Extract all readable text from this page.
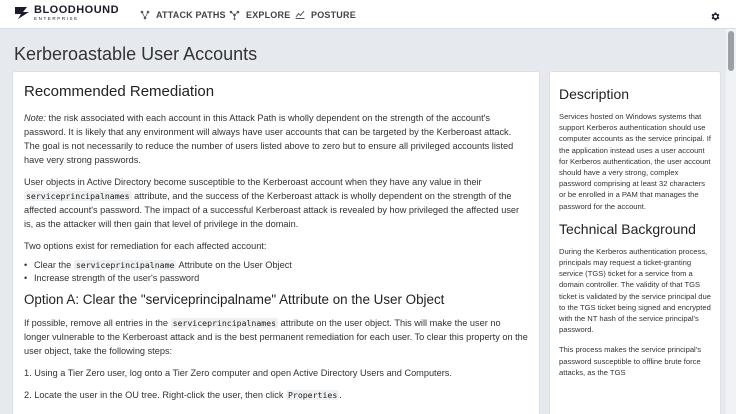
BLOODHOUND
ENTERPRISE	ATTACK PATHS EXPLORE POSTURE
Kerberoastable User Accounts
Recommended Remediation

Note: the risk associated with each account in this Attack Path is wholly dependent on the strength of the account's password. It is likely that any environment will always have user accounts that can be targeted by the Kerberoast attack. The goal is not necessarily to reduce the number of users listed above to zero but to ensure all privileged accounts listed have very strong passwords.

User objects in Active Directory become susceptible to the Kerberoast account when they have any value in their serviceprincipalnames attribute, and the success of the Kerberoast attack is wholly dependent on the strength of the affected account's password. The impact of a successful Kerberoast attack is revealed by how privileged the affected user is, as the attacker will then gain that level of privilege in the domain.

Two options exist for remediation for each affected account:

• Clear the serviceprincipalname Attribute on the User Object
• Increase strength of the user's password
Option A: Clear the "serviceprincipalname" Attribute on the User Object

If possible, remove all entries in the serviceprincipalnames attribute on the user object. This will make the user no longer vulnerable to the Kerberoast attack and is the best permanent remediation for each user. To clear this property on the user object, take the following steps:

1. Using a Tier Zero user, log onto a Tier Zero computer and open Active Directory Users and Computers.

2. Locate the user in the OU tree. Right-click the user, then click Properties .

Description

Services hosted on Windows systems that support Kerberos authentication should use computer accounts as the service principal. If the application instead uses a user account for Kerberos authentication, the user account should have a very strong, complex password comprising at least 32 characters or be enrolled in a PAM that manages the password for the account.

Technical Background

During the Kerberos authentication process, principals may request a ticket-granting service (TGS) ticket for a service from a domain controller. The validity of that TGS ticket is validated by the service principal due to the TGS ticket being signed and encrypted with the NT hash of the service principal's password.

This process makes the service principal's password susceptible to offline brute force attacks, as the TGS
